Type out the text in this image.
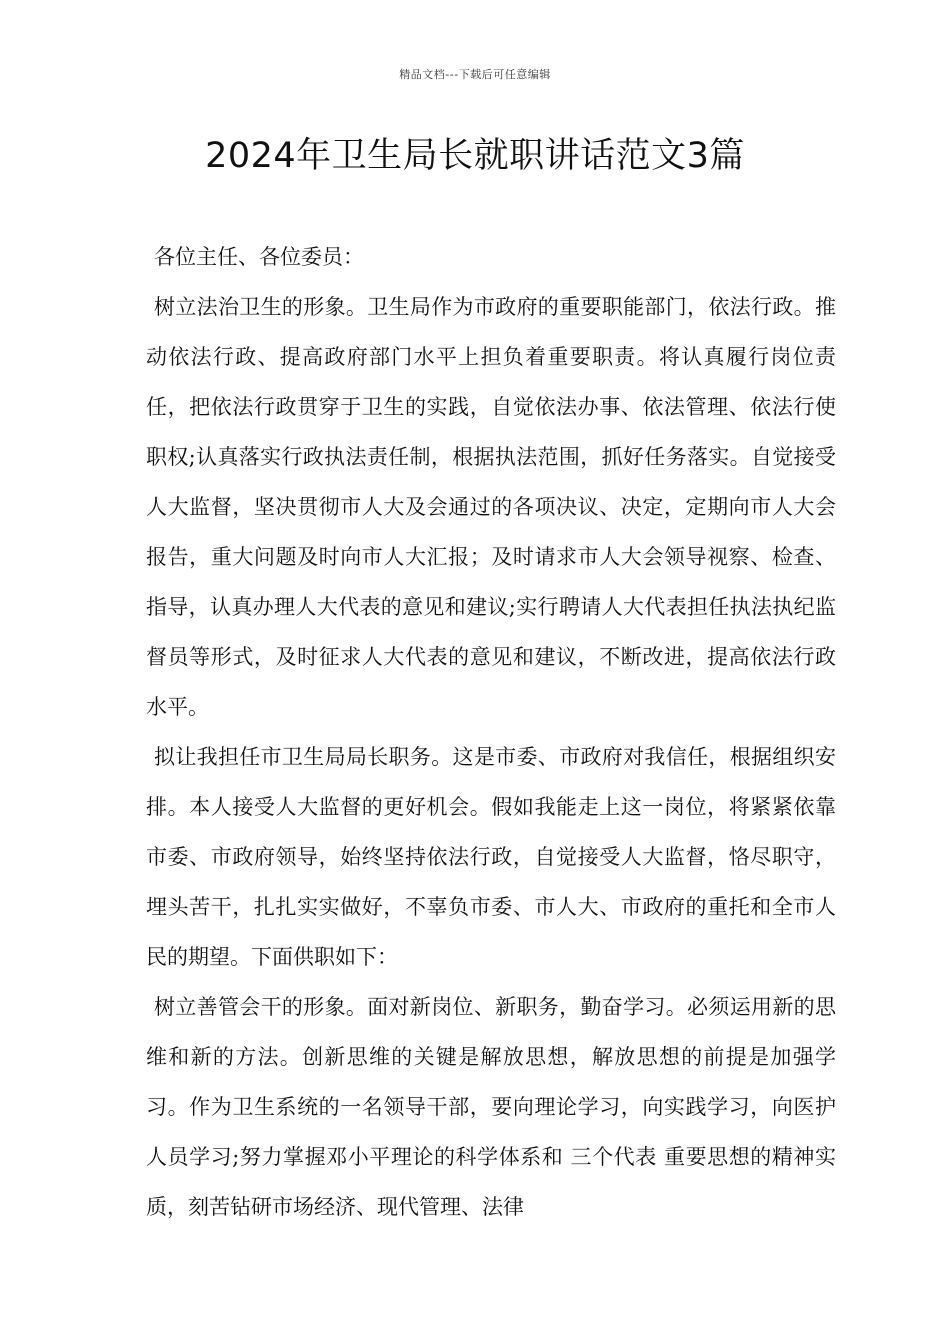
精品文档---下载后可任意编辑
2024年卫生局长就职讲话范文3篇

各位主任、各位委员：

树立法治卫生的形象。卫生局作为市政府的重要职能部门，依法行政。推动依法行政、提高政府部门水平上担负着重要职责。将认真履行岗位责任，把依法行政贯穿于卫生的实践，自觉依法办事、依法管理、依法行使职权;认真落实行政执法责任制，根据执法范围，抓好任务落实。自觉接受人大监督，坚决贯彻市人大及会通过的各项决议、决定，定期向市人大会报告，重大问题及时向市人大汇报；及时请求市人大会领导视察、检查、指导，认真办理人大代表的意见和建议;实行聘请人大代表担任执法执纪监督员等形式，及时征求人大代表的意见和建议，不断改进，提高依法行政水平。

拟让我担任市卫生局局长职务。这是市委、市政府对我信任，根据组织安排。本人接受人大监督的更好机会。假如我能走上这一岗位，将紧紧依靠市委、市政府领导，始终坚持依法行政，自觉接受人大监督，恪尽职守，埋头苦干，扎扎实实做好，不辜负市委、市人大、市政府的重托和全市人民的期望。下面供职如下：

树立善管会干的形象。面对新岗位、新职务，勤奋学习。必须运用新的思维和新的方法。创新思维的关键是解放思想，解放思想的前提是加强学习。作为卫生系统的一名领导干部，要向理论学习，向实践学习，向医护人员学习;努力掌握邓小平理论的科学体系和 三个代表 重要思想的精神实质，刻苦钻研市场经济、现代管理、法律
